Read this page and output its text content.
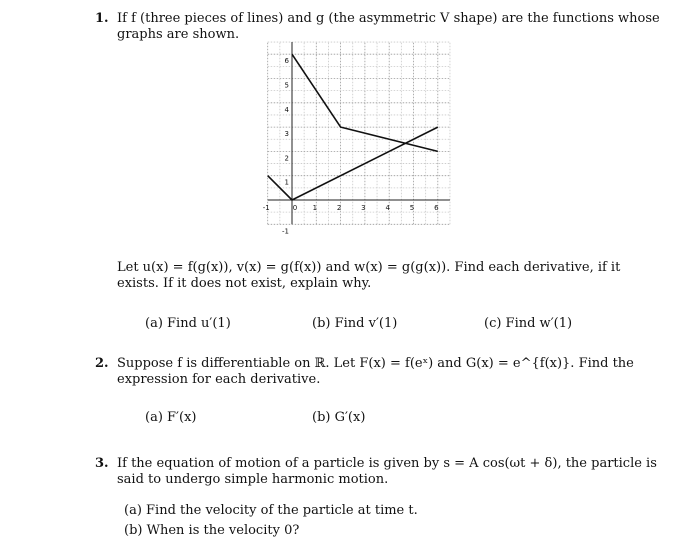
1. If f (three pieces of lines) and g (the asymmetric V shape) are the functions whose
graphs are shown.
-1	0 1	2	3	4	5	6
6
5
4
3
2
1
-1
Let u(x) = f(g(x)), v(x) = g(f(x)) and w(x) = g(g(x)). Find each derivative, if it
exists. If it does not exist, explain why.
(a) Find u′(1)	(b) Find v′(1)	(c) Find w′(1)
2. Suppose f is differentiable on ℝ. Let F(x) = f(eˣ) and G(x) = e^{f(x)}. Find the
expression for each derivative.
(a) F′(x)	(b) G′(x)
3. If the equation of motion of a particle is given by s = A cos(ωt + δ), the particle is
said to undergo simple harmonic motion.
(a) Find the velocity of the particle at time t.
(b) When is the velocity 0?
